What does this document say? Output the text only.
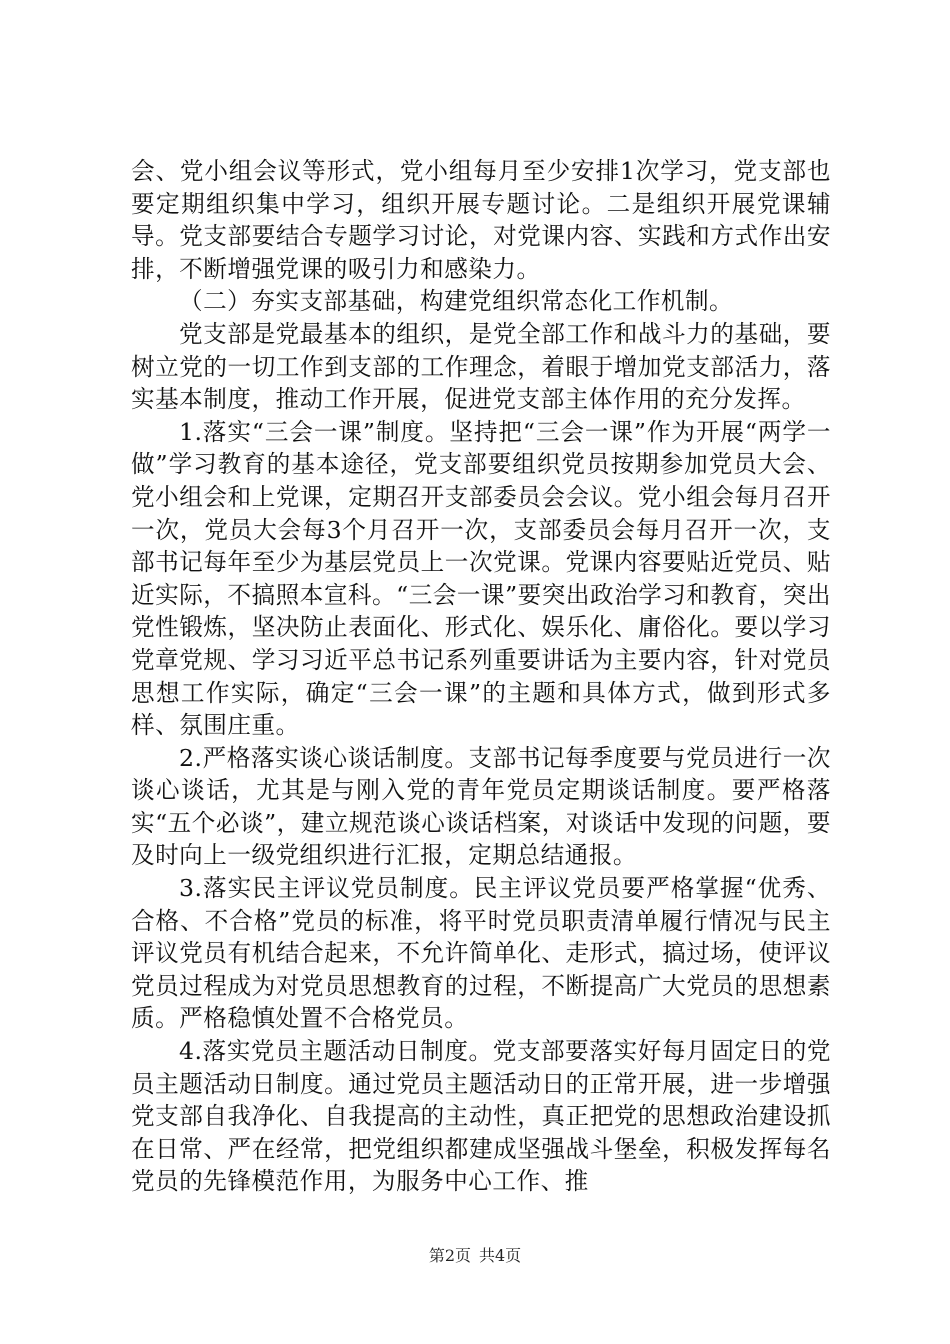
会、党小组会议等形式，党小组每月至少安排1次学习，党支部也要定期组织集中学习，组织开展专题讨论。二是组织开展党课辅导。党支部要结合专题学习讨论，对党课内容、实践和方式作出安排，不断增强党课的吸引力和感染力。

（二）夯实支部基础，构建党组织常态化工作机制。

党支部是党最基本的组织，是党全部工作和战斗力的基础，要树立党的一切工作到支部的工作理念，着眼于增加党支部活力，落实基本制度，推动工作开展，促进党支部主体作用的充分发挥。

1.落实“三会一课”制度。坚持把“三会一课”作为开展“两学一做”学习教育的基本途径，党支部要组织党员按期参加党员大会、党小组会和上党课，定期召开支部委员会会议。党小组会每月召开一次，党员大会每3个月召开一次，支部委员会每月召开一次，支部书记每年至少为基层党员上一次党课。党课内容要贴近党员、贴近实际，不搞照本宣科。“三会一课”要突出政治学习和教育，突出党性锻炼，坚决防止表面化、形式化、娱乐化、庸俗化。要以学习党章党规、学习习近平总书记系列重要讲话为主要内容，针对党员思想工作实际，确定“三会一课”的主题和具体方式，做到形式多样、氛围庄重。

2.严格落实谈心谈话制度。支部书记每季度要与党员进行一次谈心谈话，尤其是与刚入党的青年党员定期谈话制度。要严格落实“五个必谈”，建立规范谈心谈话档案，对谈话中发现的问题，要及时向上一级党组织进行汇报，定期总结通报。

3.落实民主评议党员制度。民主评议党员要严格掌握“优秀、合格、不合格”党员的标准，将平时党员职责清单履行情况与民主评议党员有机结合起来，不允许简单化、走形式，搞过场，使评议党员过程成为对党员思想教育的过程，不断提高广大党员的思想素质。严格稳慎处置不合格党员。

4.落实党员主题活动日制度。党支部要落实好每月固定日的党员主题活动日制度。通过党员主题活动日的正常开展，进一步增强党支部自我净化、自我提高的主动性，真正把党的思想政治建设抓在日常、严在经常，把党组织都建成坚强战斗堡垒，积极发挥每名党员的先锋模范作用，为服务中心工作、推

第2页 共4页
